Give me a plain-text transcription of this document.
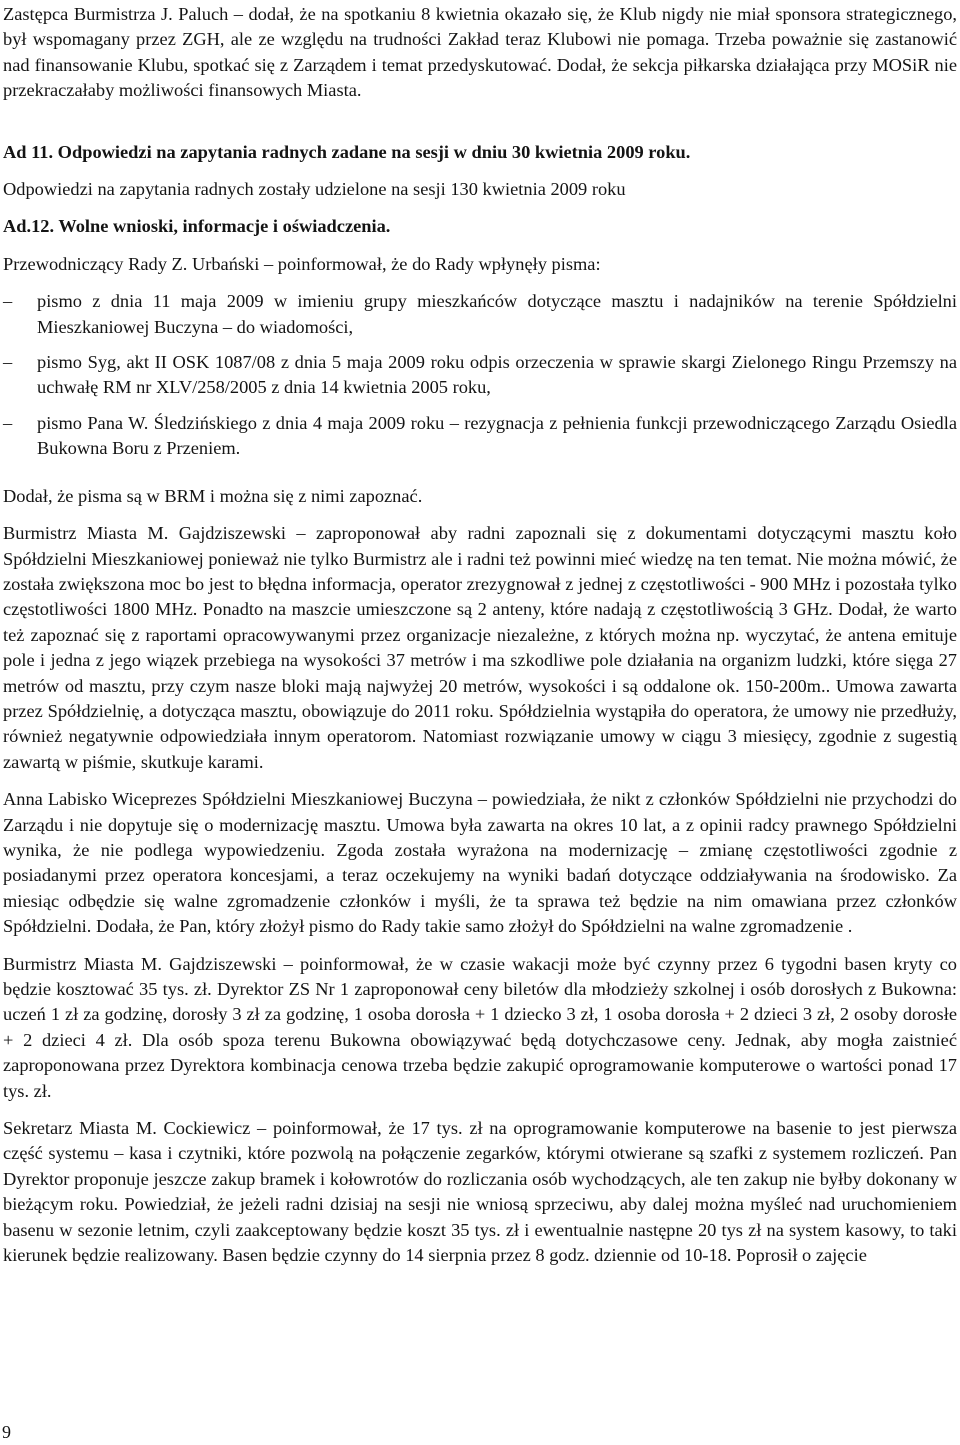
Zastępca Burmistrza J. Paluch – dodał, że na spotkaniu 8 kwietnia okazało się, że Klub nigdy nie miał sponsora strategicznego, był wspomagany przez ZGH, ale ze względu na trudności Zakład teraz Klubowi nie pomaga. Trzeba poważnie się zastanowić nad finansowanie Klubu, spotkać się z Zarządem i temat przedyskutować. Dodał, że sekcja piłkarska działająca przy MOSiR nie przekraczałaby możliwości finansowych Miasta.

Ad 11. Odpowiedzi na zapytania radnych zadane na sesji w dniu 30 kwietnia 2009 roku.

Odpowiedzi na zapytania radnych zostały udzielone na sesji 130 kwietnia 2009 roku

Ad.12. Wolne wnioski, informacje i oświadczenia.

Przewodniczący Rady Z. Urbański – poinformował, że do Rady wpłynęły pisma:

– pismo z dnia 11 maja 2009 w imieniu grupy mieszkańców dotyczące masztu i nadajników na terenie Spółdzielni Mieszkaniowej Buczyna – do wiadomości,
– pismo Syg, akt II OSK 1087/08 z dnia 5 maja 2009 roku odpis orzeczenia w sprawie skargi Zielonego Ringu Przemszy na uchwałę RM nr XLV/258/2005 z dnia 14 kwietnia 2005 roku,
– pismo Pana W. Śledzińskiego z dnia 4 maja 2009 roku – rezygnacja z pełnienia funkcji przewodniczącego Zarządu Osiedla Bukowna Boru z Przeniem.

Dodał, że pisma są w BRM i można się z nimi zapoznać.

Burmistrz Miasta M. Gajdziszewski – zaproponował aby radni zapoznali się z dokumentami dotyczącymi masztu koło Spółdzielni Mieszkaniowej ponieważ nie tylko Burmistrz ale i radni też powinni mieć wiedzę na ten temat. Nie można mówić, że została zwiększona moc bo jest to błędna informacja, operator zrezygnował z jednej z częstotliwości - 900 MHz i pozostała tylko częstotliwości 1800 MHz. Ponadto na maszcie umieszczone są 2 anteny, które nadają z częstotliwością 3 GHz. Dodał, że warto też zapoznać się z raportami opracowywanymi przez organizacje niezależne, z których można np. wyczytać, że antena emituje pole i jedna z jego wiązek przebiega na wysokości 37 metrów i ma szkodliwe pole działania na organizm ludzki, które sięga 27 metrów od masztu, przy czym nasze bloki mają najwyżej 20 metrów, wysokości i są oddalone ok. 150-200m.. Umowa zawarta przez Spółdzielnię, a dotycząca masztu, obowiązuje do 2011 roku. Spółdzielnia wystąpiła do operatora, że umowy nie przedłuży, również negatywnie odpowiedziała innym operatorom. Natomiast rozwiązanie umowy w ciągu 3 miesięcy, zgodnie z sugestią zawartą w piśmie, skutkuje karami.

Anna Labisko Wiceprezes Spółdzielni Mieszkaniowej Buczyna – powiedziała, że nikt z członków Spółdzielni nie przychodzi do Zarządu i nie dopytuje się o modernizację masztu. Umowa była zawarta na okres 10 lat, a z opinii radcy prawnego Spółdzielni wynika, że nie podlega wypowiedzeniu. Zgoda została wyrażona na modernizację – zmianę częstotliwości zgodnie z posiadanymi przez operatora koncesjami, a teraz oczekujemy na wyniki badań dotyczące oddziaływania na środowisko. Za miesiąc odbędzie się walne zgromadzenie członków i myśli, że ta sprawa też będzie na nim omawiana przez członków Spółdzielni. Dodała, że Pan, który złożył pismo do Rady takie samo złożył do Spółdzielni na walne zgromadzenie .

Burmistrz Miasta M. Gajdziszewski – poinformował, że w czasie wakacji może być czynny przez 6 tygodni basen kryty co będzie kosztować 35 tys. zł. Dyrektor ZS Nr 1 zaproponował ceny biletów dla młodzieży szkolnej i osób dorosłych z Bukowna: uczeń 1 zł za godzinę, dorosły 3 zł za godzinę, 1 osoba dorosła + 1 dziecko 3 zł, 1 osoba dorosła + 2 dzieci 3 zł, 2 osoby dorosłe + 2 dzieci 4 zł. Dla osób spoza terenu Bukowna obowiązywać będą dotychczasowe ceny. Jednak, aby mogła zaistnieć zaproponowana przez Dyrektora kombinacja cenowa trzeba będzie zakupić oprogramowanie komputerowe o wartości ponad 17 tys. zł.

Sekretarz Miasta M. Cockiewicz – poinformował, że 17 tys. zł na oprogramowanie komputerowe na basenie to jest pierwsza część systemu – kasa i czytniki, które pozwolą na połączenie zegarków, którymi otwierane są szafki z systemem rozliczeń. Pan Dyrektor proponuje jeszcze zakup bramek i kołowrotów do rozliczania osób wychodzących, ale ten zakup nie byłby dokonany w bieżącym roku. Powiedział, że jeżeli radni dzisiaj na sesji nie wniosą sprzeciwu, aby dalej można myśleć nad uruchomieniem basenu w sezonie letnim, czyli zaakceptowany będzie koszt 35 tys. zł i ewentualnie następne 20 tys zł na system kasowy, to taki kierunek będzie realizowany. Basen będzie czynny do 14 sierpnia przez 8 godz. dziennie od 10-18. Poprosił o zajęcie

9
